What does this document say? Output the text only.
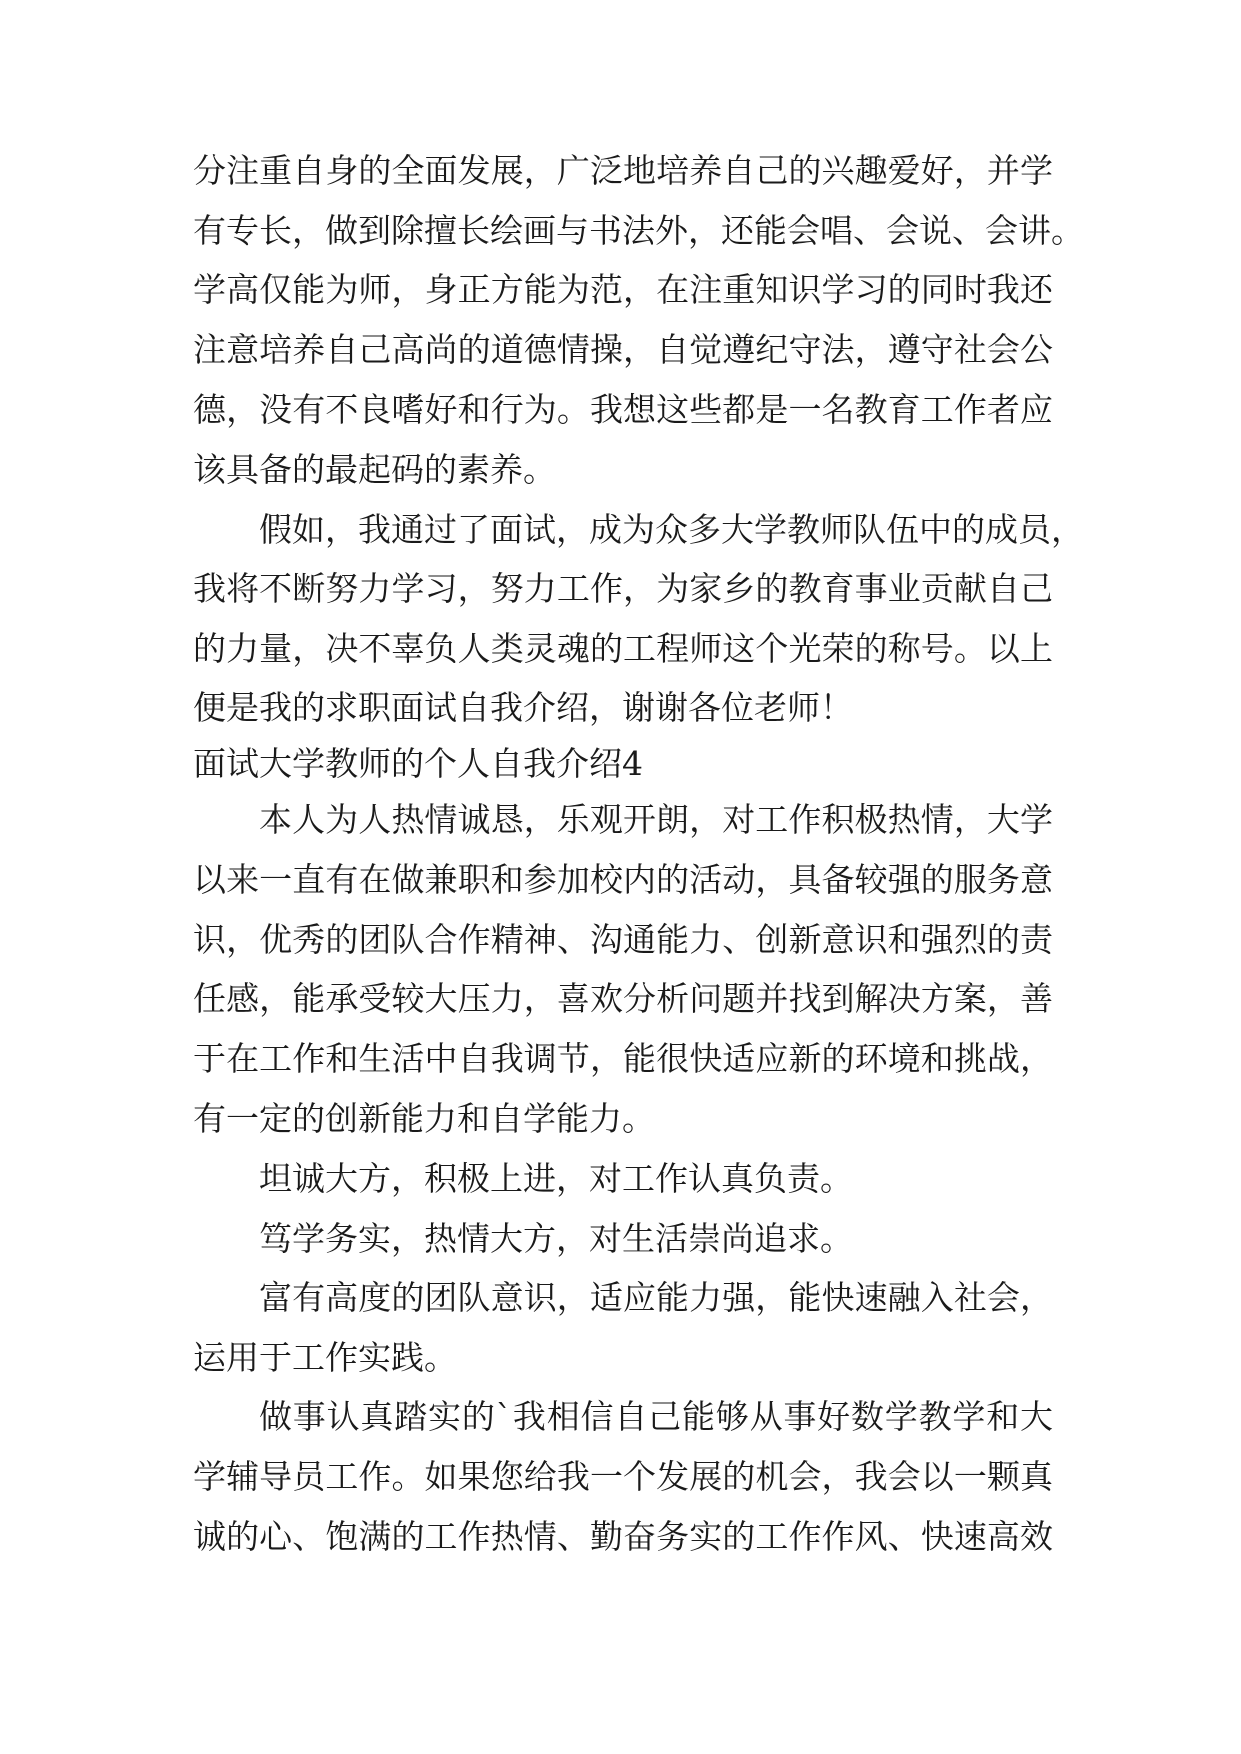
分注重自身的全面发展，广泛地培养自己的兴趣爱好，并学
有专长，做到除擅长绘画与书法外，还能会唱、会说、会讲。
学高仅能为师，身正方能为范，在注重知识学习的同时我还
注意培养自己高尚的道德情操，自觉遵纪守法，遵守社会公
德，没有不良嗜好和行为。我想这些都是一名教育工作者应
该具备的最起码的素养。
假如，我通过了面试，成为众多大学教师队伍中的成员，
我将不断努力学习，努力工作，为家乡的教育事业贡献自己
的力量，决不辜负人类灵魂的工程师这个光荣的称号。以上
便是我的求职面试自我介绍，谢谢各位老师！
面试大学教师的个人自我介绍4
本人为人热情诚恳，乐观开朗，对工作积极热情，大学
以来一直有在做兼职和参加校内的活动，具备较强的服务意
识，优秀的团队合作精神、沟通能力、创新意识和强烈的责
任感，能承受较大压力，喜欢分析问题并找到解决方案，善
于在工作和生活中自我调节，能很快适应新的环境和挑战，
有一定的创新能力和自学能力。
坦诚大方，积极上进，对工作认真负责。
笃学务实，热情大方，对生活崇尚追求。
富有高度的团队意识，适应能力强，能快速融入社会，
运用于工作实践。
做事认真踏实的`我相信自己能够从事好数学教学和大
学辅导员工作。如果您给我一个发展的机会，我会以一颗真
诚的心、饱满的工作热情、勤奋务实的工作作风、快速高效
